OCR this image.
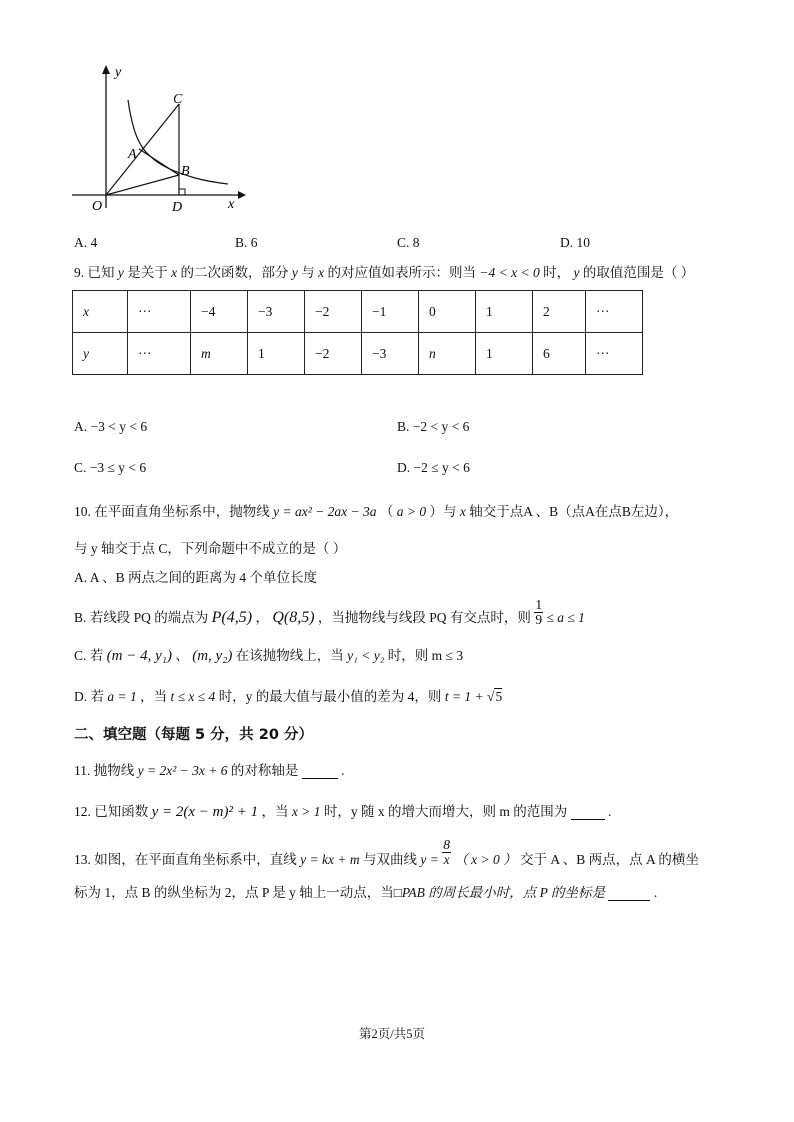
y
x
O
C
A
B
D
A. 4	B. 6	C. 8	D. 10
9. 已知 y 是关于 x 的二次函数，部分 y 与 x 的对应值如表所示：则当 −4 < x < 0 时， y 的取值范围是（ ）
x	···	−4	−3	−2	−1	0	1	2	···
y	···	m	1	−2	−3	n	1	6	···
A. −3 < y < 6	B. −2 < y < 6
C. −3 ≤ y < 6	D. −2 ≤ y < 6
10. 在平面直角坐标系中，抛物线 y = ax² − 2ax − 3a （ a > 0 ）与 x 轴交于点A 、B（点A在点B左边），
与 y 轴交于点 C，下列命题中不成立的是（ ）
A. A 、B 两点之间的距离为 4 个单位长度
B. 若线段 PQ 的端点为 P(4,5) ， Q(8,5) ，当抛物线与线段 PQ 有交点时，则 $\frac{1}{9} \le a \le 1$
C. 若 (m − 4, y₁) 、 (m, y₂) 在该抛物线上，当 y₁ < y₂ 时，则 m ≤ 3
D. 若 a = 1 ，当 t ≤ x ≤ 4 时，y 的最大值与最小值的差为 4，则 t = 1 + √5
二、填空题（每题 5 分，共 20 分）
11. 抛物线 y = 2x² − 3x + 6 的对称轴是	.
12. 已知函数 y = 2(x − m)² + 1 ，当 x > 1 时，y 随 x 的增大而增大，则 m 的范围为	.
13. 如图，在平面直角坐标系中，直线 y = kx + m 与双曲线 $y = \frac{8}{x}$ （ x > 0 ） 交于 A 、B 两点，点 A 的横坐
标为 1，点 B 的纵坐标为 2，点 P 是 y 轴上一动点，当□PAB 的周长最小时，点 P 的坐标是	.
第2页/共5页
